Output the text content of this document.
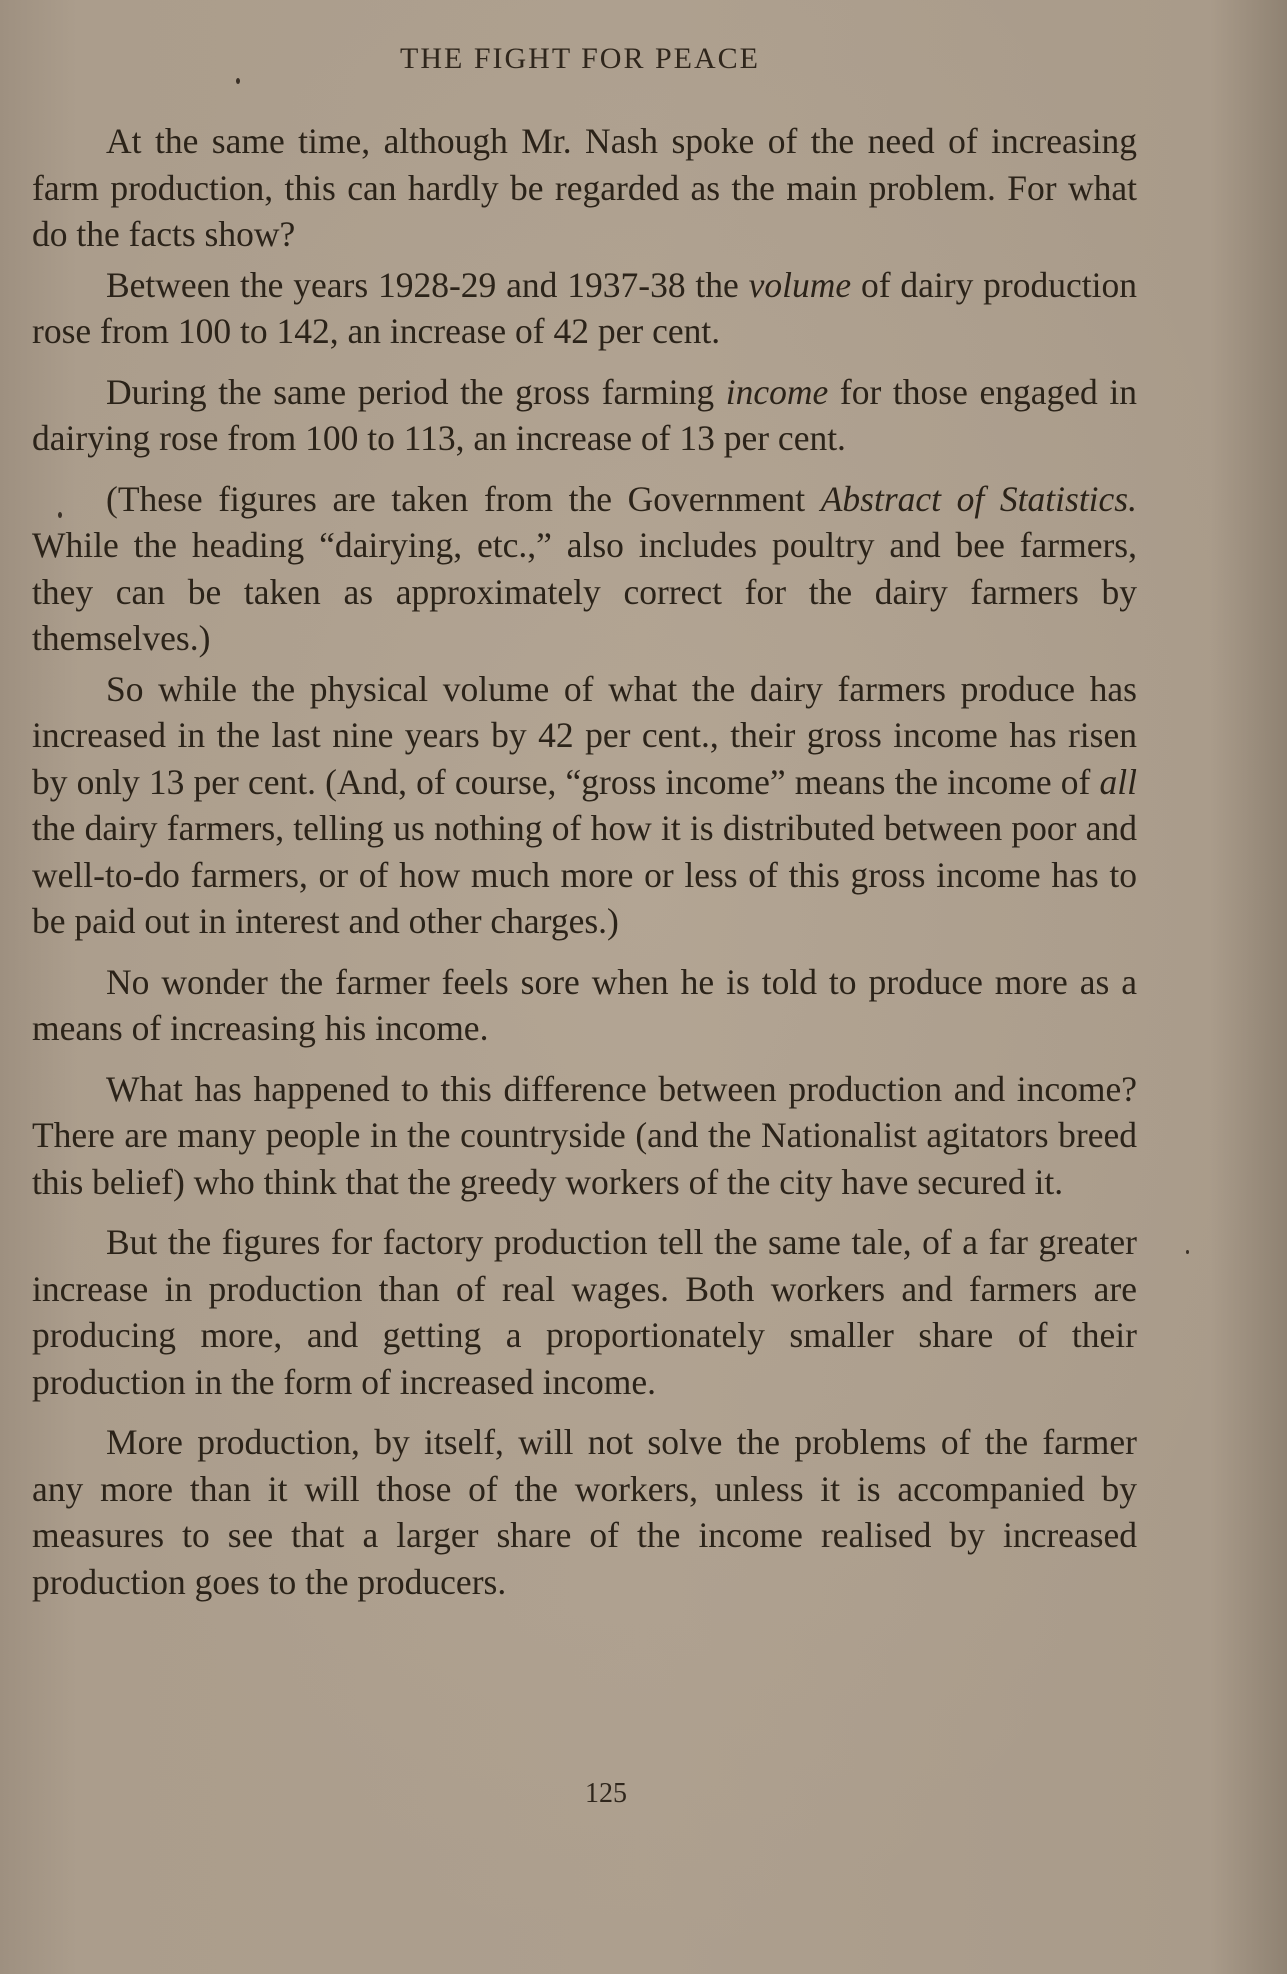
THE FIGHT FOR PEACE

At the same time, although Mr. Nash spoke of the need of increasing farm production, this can hardly be regarded as the main problem. For what do the facts show?

Between the years 1928-29 and 1937-38 the volume of dairy production rose from 100 to 142, an increase of 42 per cent.

During the same period the gross farming income for those engaged in dairying rose from 100 to 113, an increase of 13 per cent.

(These figures are taken from the Government Abstract of Statistics. While the heading “dairying, etc.,” also includes poultry and bee farmers, they can be taken as approximately correct for the dairy farmers by themselves.)

So while the physical volume of what the dairy farmers produce has increased in the last nine years by 42 per cent., their gross income has risen by only 13 per cent. (And, of course, “gross income” means the income of all the dairy farmers, telling us nothing of how it is distributed between poor and well-to-do farmers, or of how much more or less of this gross income has to be paid out in interest and other charges.)

No wonder the farmer feels sore when he is told to produce more as a means of increasing his income.

What has happened to this difference between production and income? There are many people in the countryside (and the Nationalist agitators breed this belief) who think that the greedy workers of the city have secured it.

But the figures for factory production tell the same tale, of a far greater increase in production than of real wages. Both workers and farmers are producing more, and getting a proportionately smaller share of their production in the form of increased income.

More production, by itself, will not solve the problems of the farmer any more than it will those of the workers, unless it is accompanied by measures to see that a larger share of the income realised by increased production goes to the producers.

125
